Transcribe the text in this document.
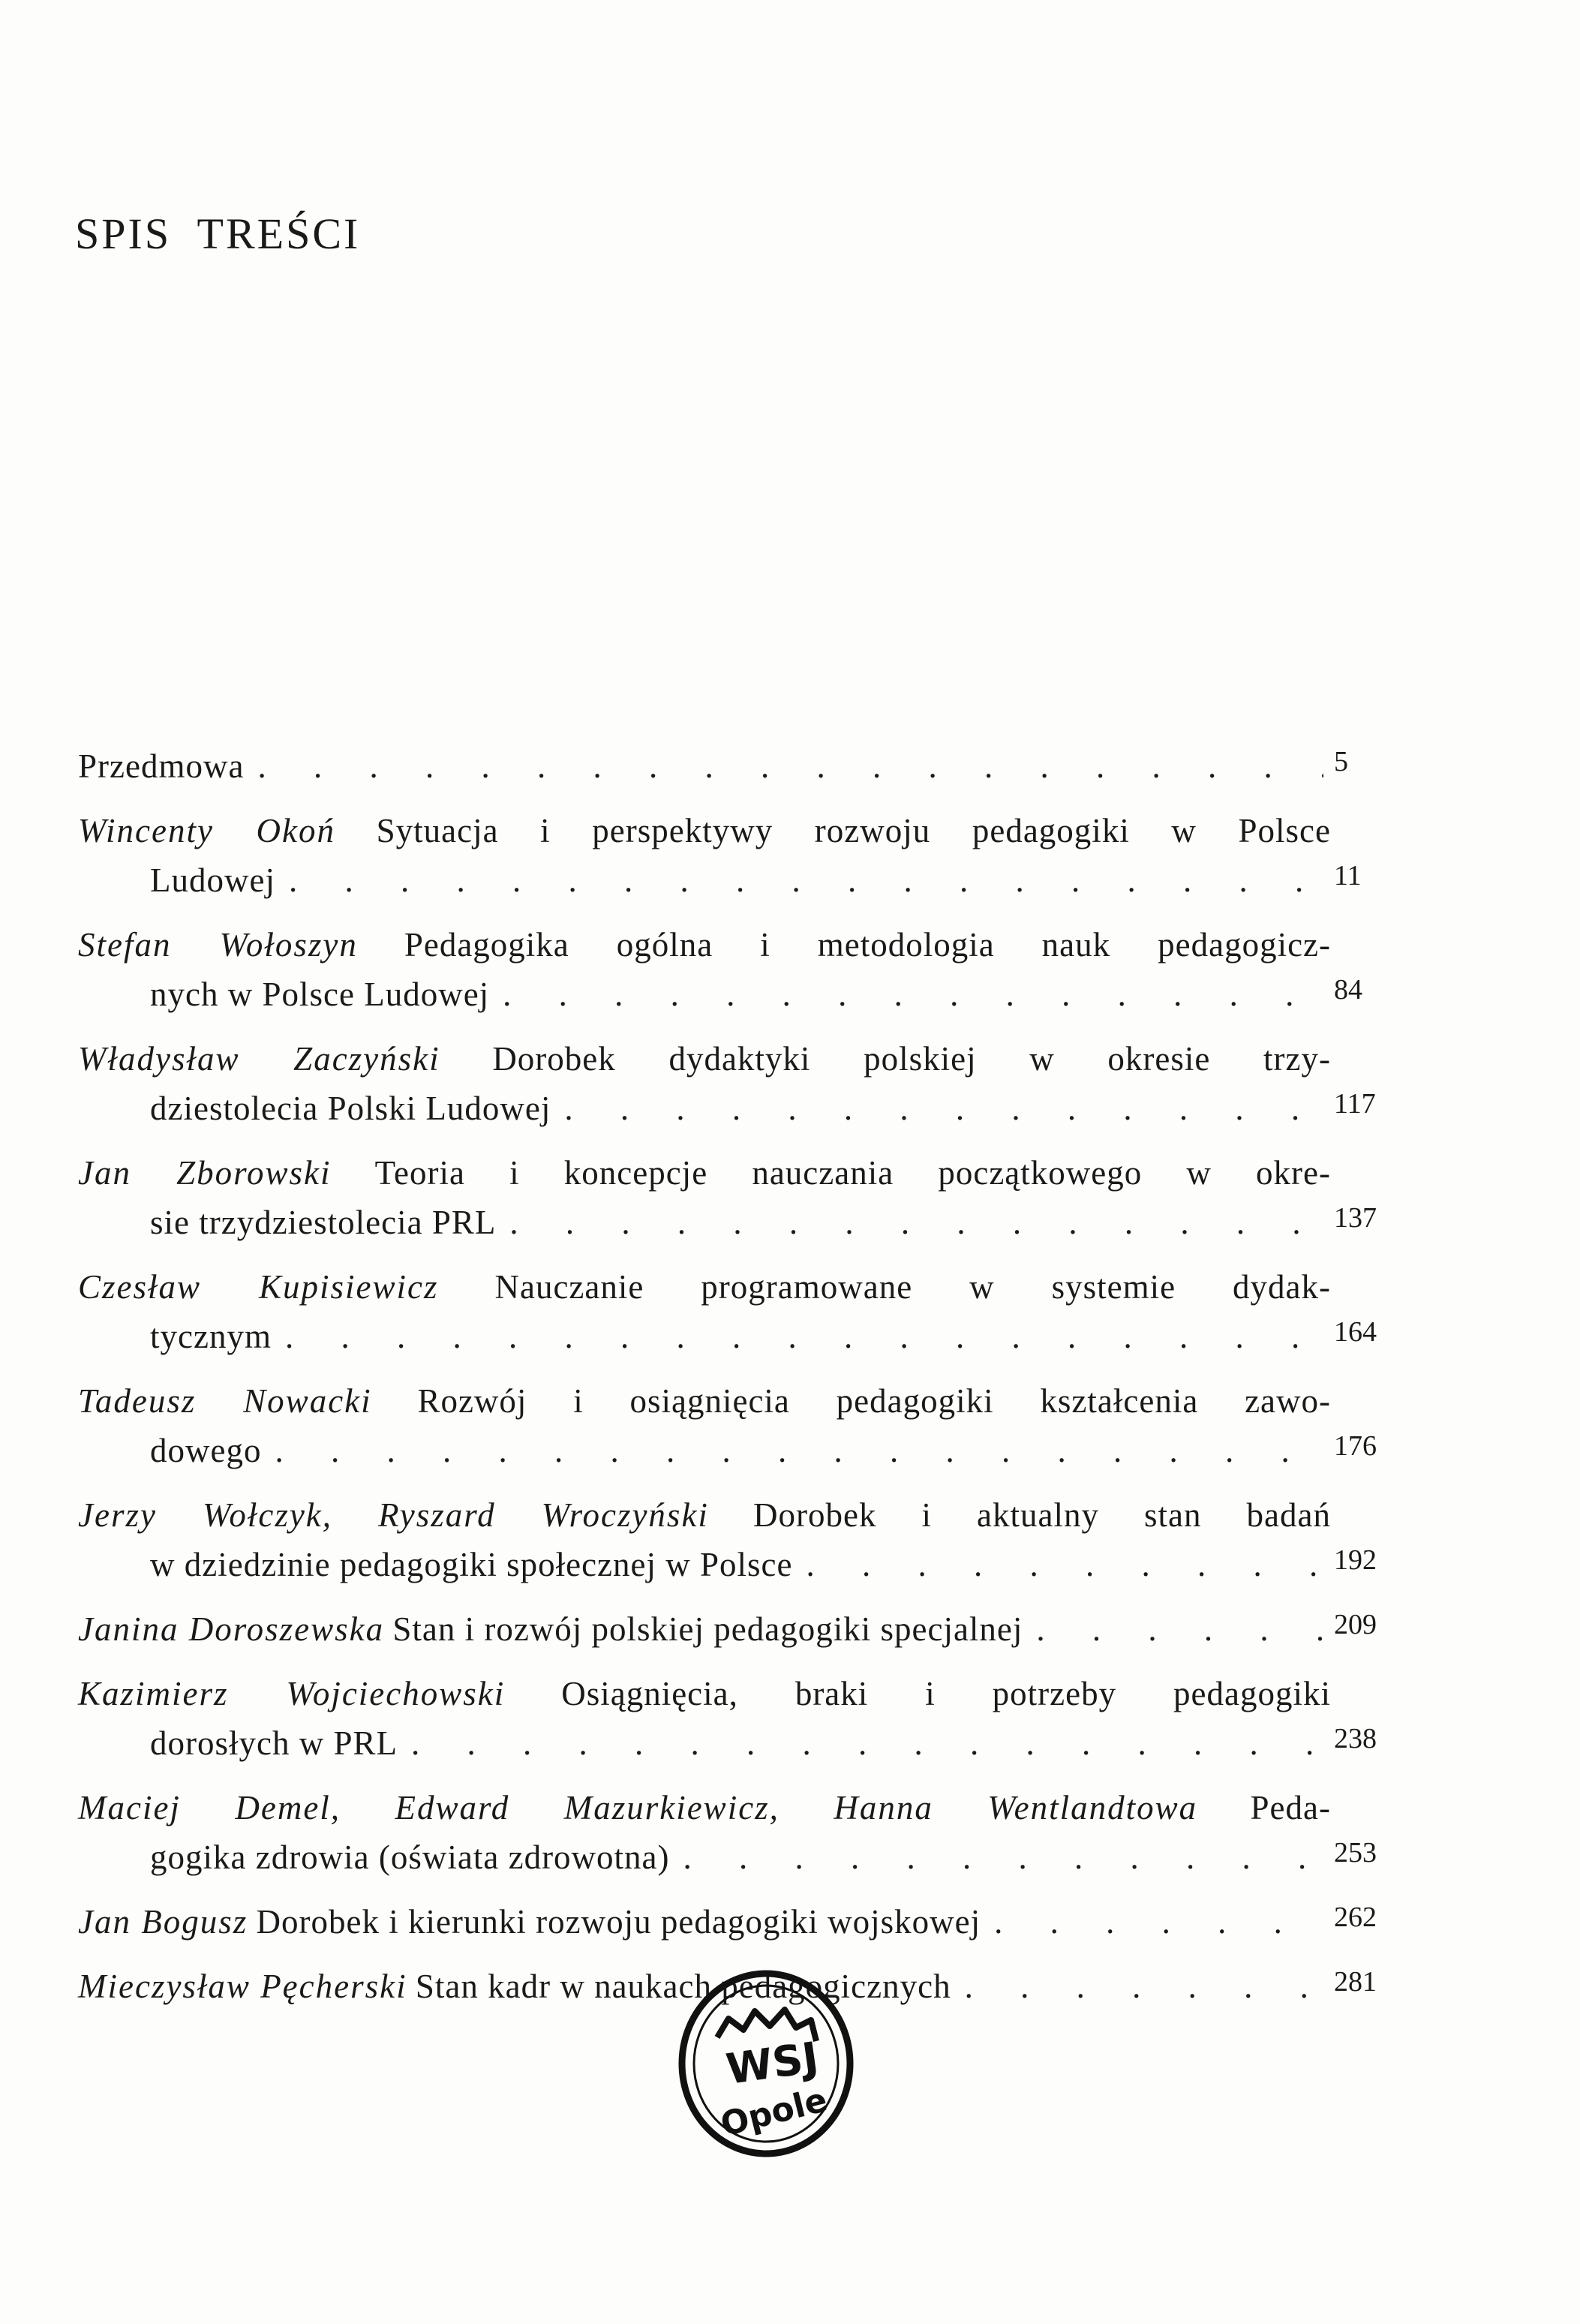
SPIS TREŚCI
Przedmowa . . .	5
Wincenty Okoń Sytuacja i perspektywy rozwoju pedagogiki w Polsce
Ludowej . . .	11
Stefan Wołoszyn Pedagogika ogólna i metodologia nauk pedagogicz-
nych w Polsce Ludowej . . .	84
Władysław Zaczyński Dorobek dydaktyki polskiej w okresie trzy-
dziestolecia Polski Ludowej . . .	117
Jan Zborowski Teoria i koncepcje nauczania początkowego w okre-
sie trzydziestolecia PRL . . .	137
Czesław Kupisiewicz Nauczanie programowane w systemie dydak-
tycznym . . .	164
Tadeusz Nowacki Rozwój i osiągnięcia pedagogiki kształcenia zawo-
dowego . . .	176
Jerzy Wołczyk, Ryszard Wroczyński Dorobek i aktualny stan badań
w dziedzinie pedagogiki społecznej w Polsce . . .	192
Janina Doroszewska
Stan i rozwój polskiej pedagogiki specjalnej . . .	209
Kazimierz Wojciechowski Osiągnięcia, braki i potrzeby pedagogiki
dorosłych w PRL . . .	238
Maciej Demel, Edward Mazurkiewicz, Hanna Wentlandtowa Peda-
gogika zdrowia (oświata zdrowotna) . . .	253
Jan Bogusz
Dorobek i kierunki rozwoju pedagogiki wojskowej . . .	262
Mieczysław Pęcherski
Stan kadr w naukach pedagogicznych . . .	281
WSJ
Opole
